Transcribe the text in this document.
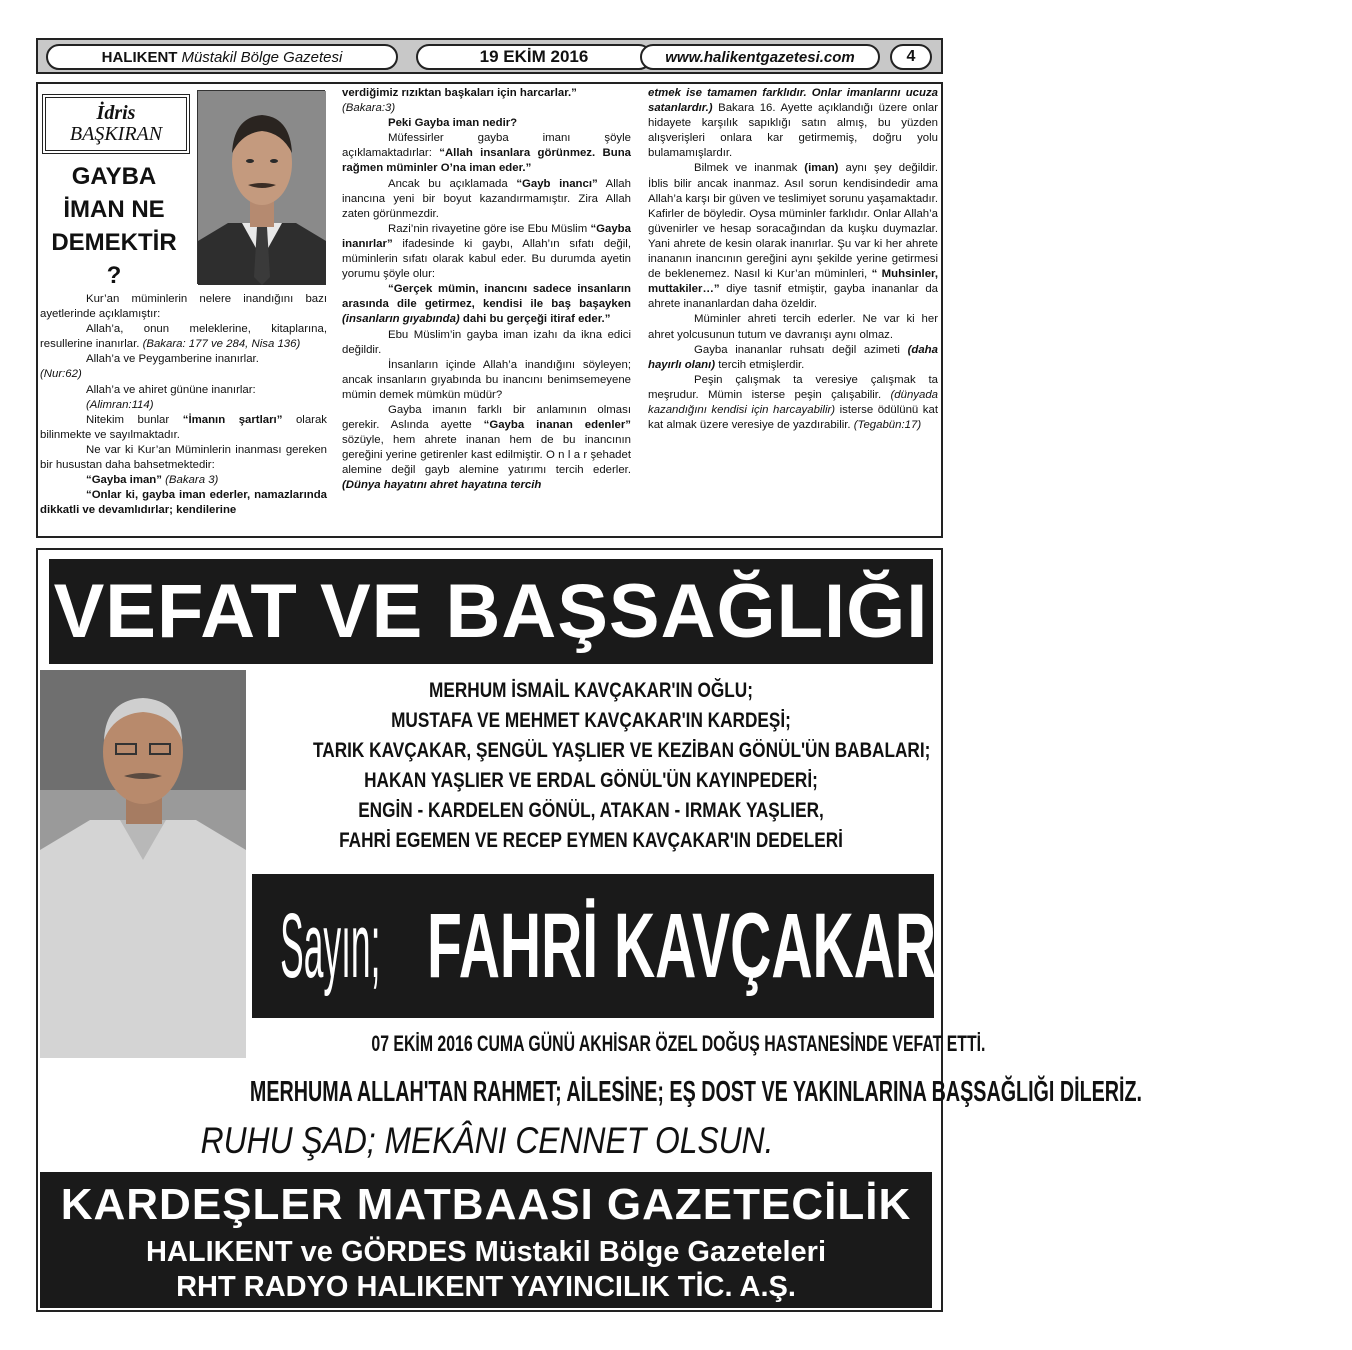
HALIKENT Müstakil Bölge Gazetesi	19 EKİM 2016	www.halikentgazetesi.com	4
İdris
BAŞKIRAN
GAYBA
İMAN NE
DEMEKTİR
?

Kur’an müminlerin nelere inandığını bazı ayetlerinde açıklamıştır:

Allah’a, onun meleklerine, kitaplarına, resullerine inanırlar. (Bakara: 177 ve 284, Nisa 136)

Allah’a ve Peygamberine inanırlar.

(Nur:62)

Allah’a ve ahiret gününe inanırlar:

(Alimran:114)

Nitekim bunlar “İmanın şartları” olarak bilinmekte ve sayılmaktadır.

Ne var ki Kur’an Müminlerin inanması gereken bir husustan daha bahsetmektedir:

“Gayba iman” (Bakara 3)

“Onlar ki, gayba iman ederler, namazlarında dikkatli ve devamlıdırlar; kendilerine

verdiğimiz rızıktan başkaları için harcarlar.”

(Bakara:3)

Peki Gayba iman nedir?

Müfessirler gayba imanı şöyle açıklamaktadırlar: “Allah insanlara görünmez. Buna rağmen müminler O’na iman eder.”

Ancak bu açıklamada “Gayb inancı” Allah inancına yeni bir boyut kazandırmamıştır. Zira Allah zaten görünmezdir.

Razi’nin rivayetine göre ise Ebu Müslim “Gayba inanırlar” ifadesinde ki gaybı, Allah’ın sıfatı değil, müminlerin sıfatı olarak kabul eder. Bu durumda ayetin yorumu şöyle olur:

“Gerçek mümin, inancını sadece insanların arasında dile getirmez, kendisi ile baş başayken (insanların gıyabında) dahi bu gerçeği itiraf eder.”

Ebu Müslim’in gayba iman izahı da ikna edici değildir.

İnsanların içinde Allah’a inandığını söyleyen; ancak insanların gıyabında bu inancını benimsemeyene mümin demek mümkün müdür?

Gayba imanın farklı bir anlamının olması gerekir. Aslında ayette “Gayba inanan edenler” sözüyle, hem ahrete inanan hem de bu inancının gereğini yerine getirenler kast edilmiştir. O n l a r şehadet alemine değil gayb alemine yatırımı tercih ederler. (Dünya hayatını ahret hayatına tercih

etmek ise tamamen farklıdır. Onlar imanlarını ucuza satanlardır.) Bakara 16. Ayette açıklandığı üzere onlar hidayete karşılık sapıklığı satın almış, bu yüzden alışverişleri onlara kar getirmemiş, doğru yolu bulamamışlardır.

Bilmek ve inanmak (iman) aynı şey değildir. İblis bilir ancak inanmaz. Asıl sorun kendisindedir ama Allah’a karşı bir güven ve teslimiyet sorunu yaşamaktadır. Kafirler de böyledir. Oysa müminler farklıdır. Onlar Allah’a güvenirler ve hesap soracağından da kuşku duymazlar. Yani ahrete de kesin olarak inanırlar. Şu var ki her ahrete inananın inancının gereğini aynı şekilde yerine getirmesi de beklenemez. Nasıl ki Kur’an müminleri, “ Muhsinler, muttakiler…” diye tasnif etmiştir, gayba inananlar da ahrete inananlardan daha özeldir.

Müminler ahreti tercih ederler. Ne var ki her ahret yolcusunun tutum ve davranışı aynı olmaz.

Gayba inananlar ruhsatı değil azimeti (daha hayırlı olanı) tercih etmişlerdir.

Peşin çalışmak ta veresiye çalışmak ta meşrudur. Mümin isterse peşin çalışabilir. (dünyada kazandığını kendisi için harcayabilir) isterse ödülünü kat kat almak üzere veresiye de yazdırabilir. (Tegabün:17)

VEFAT VE BAŞSAĞLIĞI
MERHUM İSMAİL KAVÇAKAR'IN OĞLU;
MUSTAFA VE MEHMET KAVÇAKAR'IN KARDEŞİ;
TARIK KAVÇAKAR, ŞENGÜL YAŞLIER VE KEZİBAN GÖNÜL'ÜN BABALARI;
HAKAN YAŞLIER VE ERDAL GÖNÜL'ÜN KAYINPEDERİ;
ENGİN - KARDELEN GÖNÜL, ATAKAN - IRMAK YAŞLIER,
FAHRİ EGEMEN VE RECEP EYMEN KAVÇAKAR'IN DEDELERİ
Sayın; FAHRİ KAVÇAKAR
07 EKİM 2016 CUMA GÜNÜ AKHİSAR ÖZEL DOĞUŞ HASTANESİNDE VEFAT ETTİ.
MERHUMA ALLAH'TAN RAHMET; AİLESİNE; EŞ DOST VE YAKINLARINA BAŞSAĞLIĞI DİLERİZ.
RUHU ŞAD; MEKÂNI CENNET OLSUN.
KARDEŞLER MATBAASI GAZETECİLİK
HALIKENT ve GÖRDES Müstakil Bölge Gazeteleri
RHT RADYO HALIKENT YAYINCILIK TİC. A.Ş.
